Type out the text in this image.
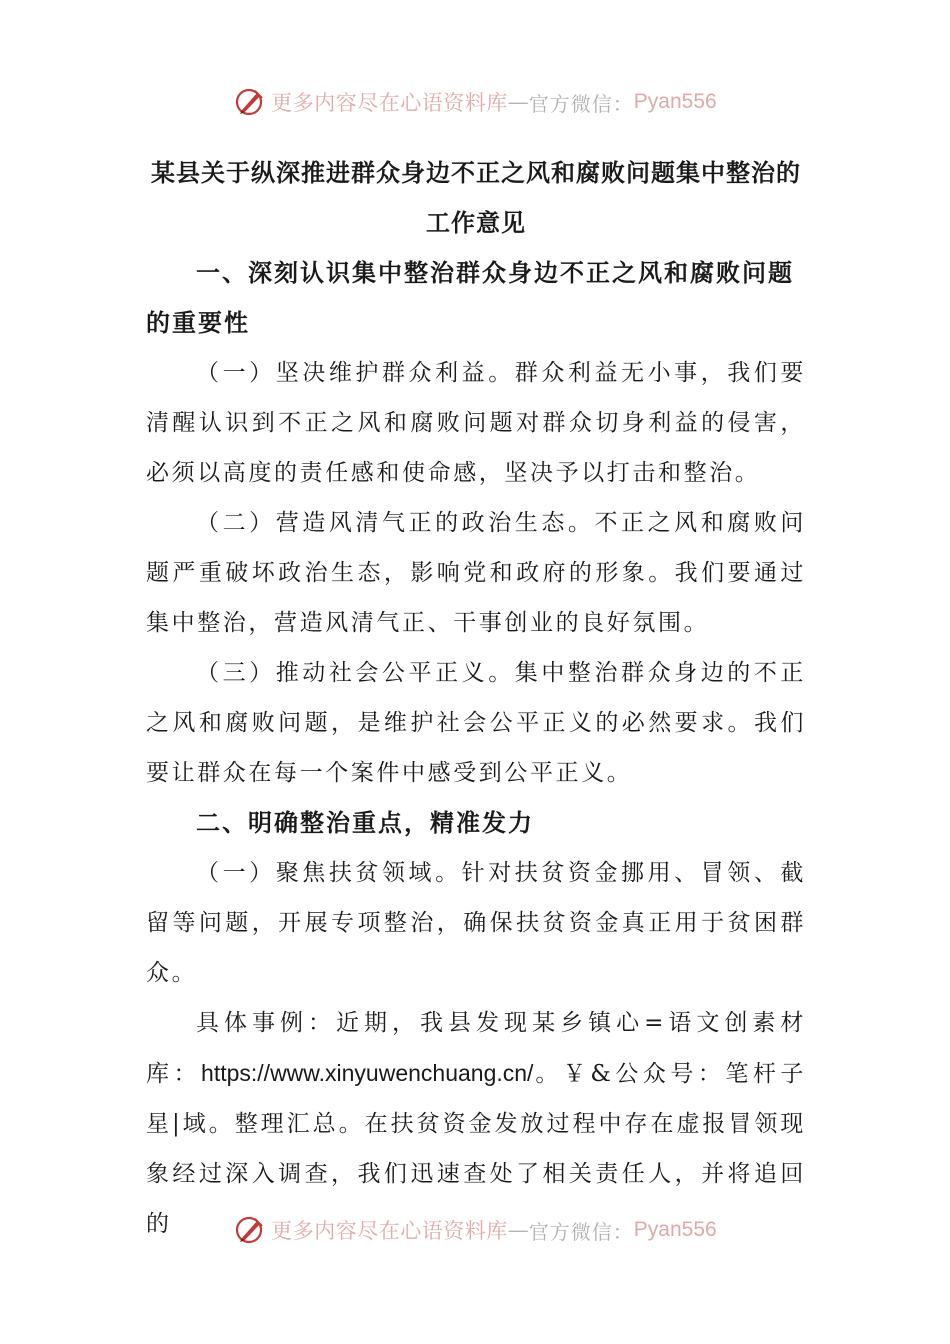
更多内容尽在心语资料库 — 官方微信： Pyan556
某县关于纵深推进群众身边不正之风和腐败问题集中整治的工作意见
一、深刻认识集中整治群众身边不正之风和腐败问题的重要性

（一）坚决维护群众利益。群众利益无小事，我们要清醒认识到不正之风和腐败问题对群众切身利益的侵害，必须以高度的责任感和使命感，坚决予以打击和整治。

（二）营造风清气正的政治生态。不正之风和腐败问题严重破坏政治生态，影响党和政府的形象。我们要通过集中整治，营造风清气正、干事创业的良好氛围。

（三）推动社会公平正义。集中整治群众身边的不正之风和腐败问题，是维护社会公平正义的必然要求。我们要让群众在每一个案件中感受到公平正义。

二、明确整治重点，精准发力

（一）聚焦扶贫领域。针对扶贫资金挪用、冒领、截留等问题，开展专项整治，确保扶贫资金真正用于贫困群众。

具体事例：近期，我县发现某乡镇心=语文创素材库：https://www.xinyuwenchuang.cn/。￥&公众号：笔杆子星|域。整理汇总。在扶贫资金发放过程中存在虚报冒领现象经过深入调查，我们迅速查处了相关责任人，并将追回的	更多内容尽在心语资料库 — 官方微信： Pyan556
